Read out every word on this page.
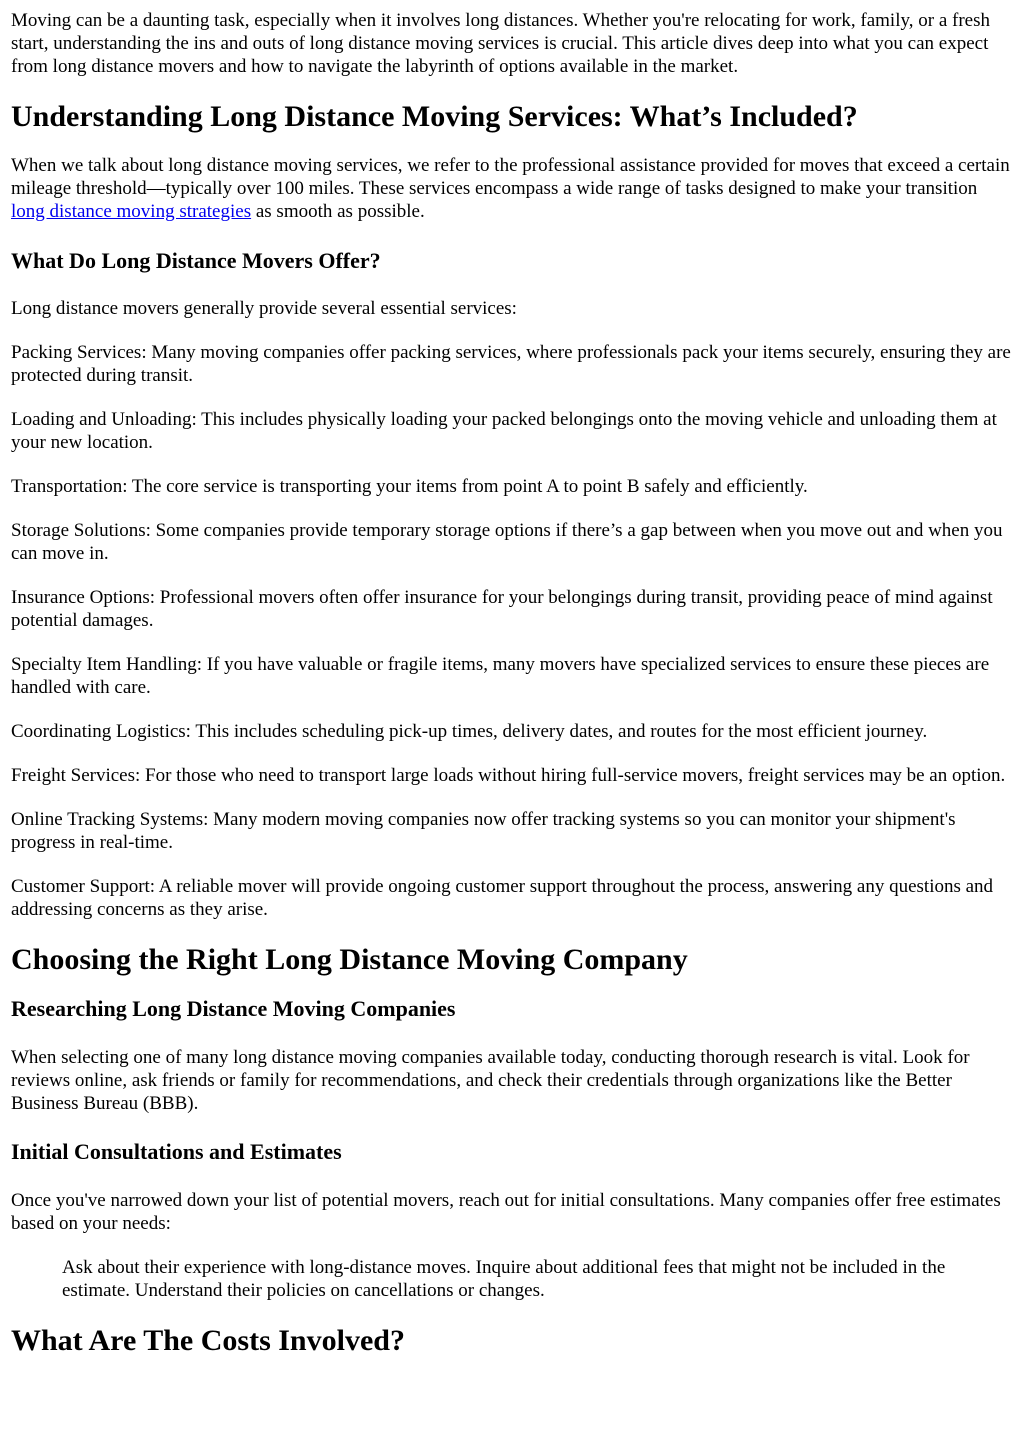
Moving can be a daunting task, especially when it involves long distances. Whether you're relocating for work, family, or a fresh start, understanding the ins and outs of long distance moving services is crucial. This article dives deep into what you can expect from long distance movers and how to navigate the labyrinth of options available in the market.

Understanding Long Distance Moving Services: What’s Included?

When we talk about long distance moving services, we refer to the professional assistance provided for moves that exceed a certain mileage threshold—typically over 100 miles. These services encompass a wide range of tasks designed to make your transition long distance moving strategies as smooth as possible.

What Do Long Distance Movers Offer?

Long distance movers generally provide several essential services:

Packing Services: Many moving companies offer packing services, where professionals pack your items securely, ensuring they are protected during transit.

Loading and Unloading: This includes physically loading your packed belongings onto the moving vehicle and unloading them at your new location.

Transportation: The core service is transporting your items from point A to point B safely and efficiently.

Storage Solutions: Some companies provide temporary storage options if there’s a gap between when you move out and when you can move in.

Insurance Options: Professional movers often offer insurance for your belongings during transit, providing peace of mind against potential damages.

Specialty Item Handling: If you have valuable or fragile items, many movers have specialized services to ensure these pieces are handled with care.

Coordinating Logistics: This includes scheduling pick-up times, delivery dates, and routes for the most efficient journey.

Freight Services: For those who need to transport large loads without hiring full-service movers, freight services may be an option.

Online Tracking Systems: Many modern moving companies now offer tracking systems so you can monitor your shipment's progress in real-time.

Customer Support: A reliable mover will provide ongoing customer support throughout the process, answering any questions and addressing concerns as they arise.

Choosing the Right Long Distance Moving Company
Researching Long Distance Moving Companies

When selecting one of many long distance moving companies available today, conducting thorough research is vital. Look for reviews online, ask friends or family for recommendations, and check their credentials through organizations like the Better Business Bureau (BBB).

Initial Consultations and Estimates

Once you've narrowed down your list of potential movers, reach out for initial consultations. Many companies offer free estimates based on your needs:

Ask about their experience with long-distance moves. Inquire about additional fees that might not be included in the estimate. Understand their policies on cancellations or changes.

What Are The Costs Involved?
